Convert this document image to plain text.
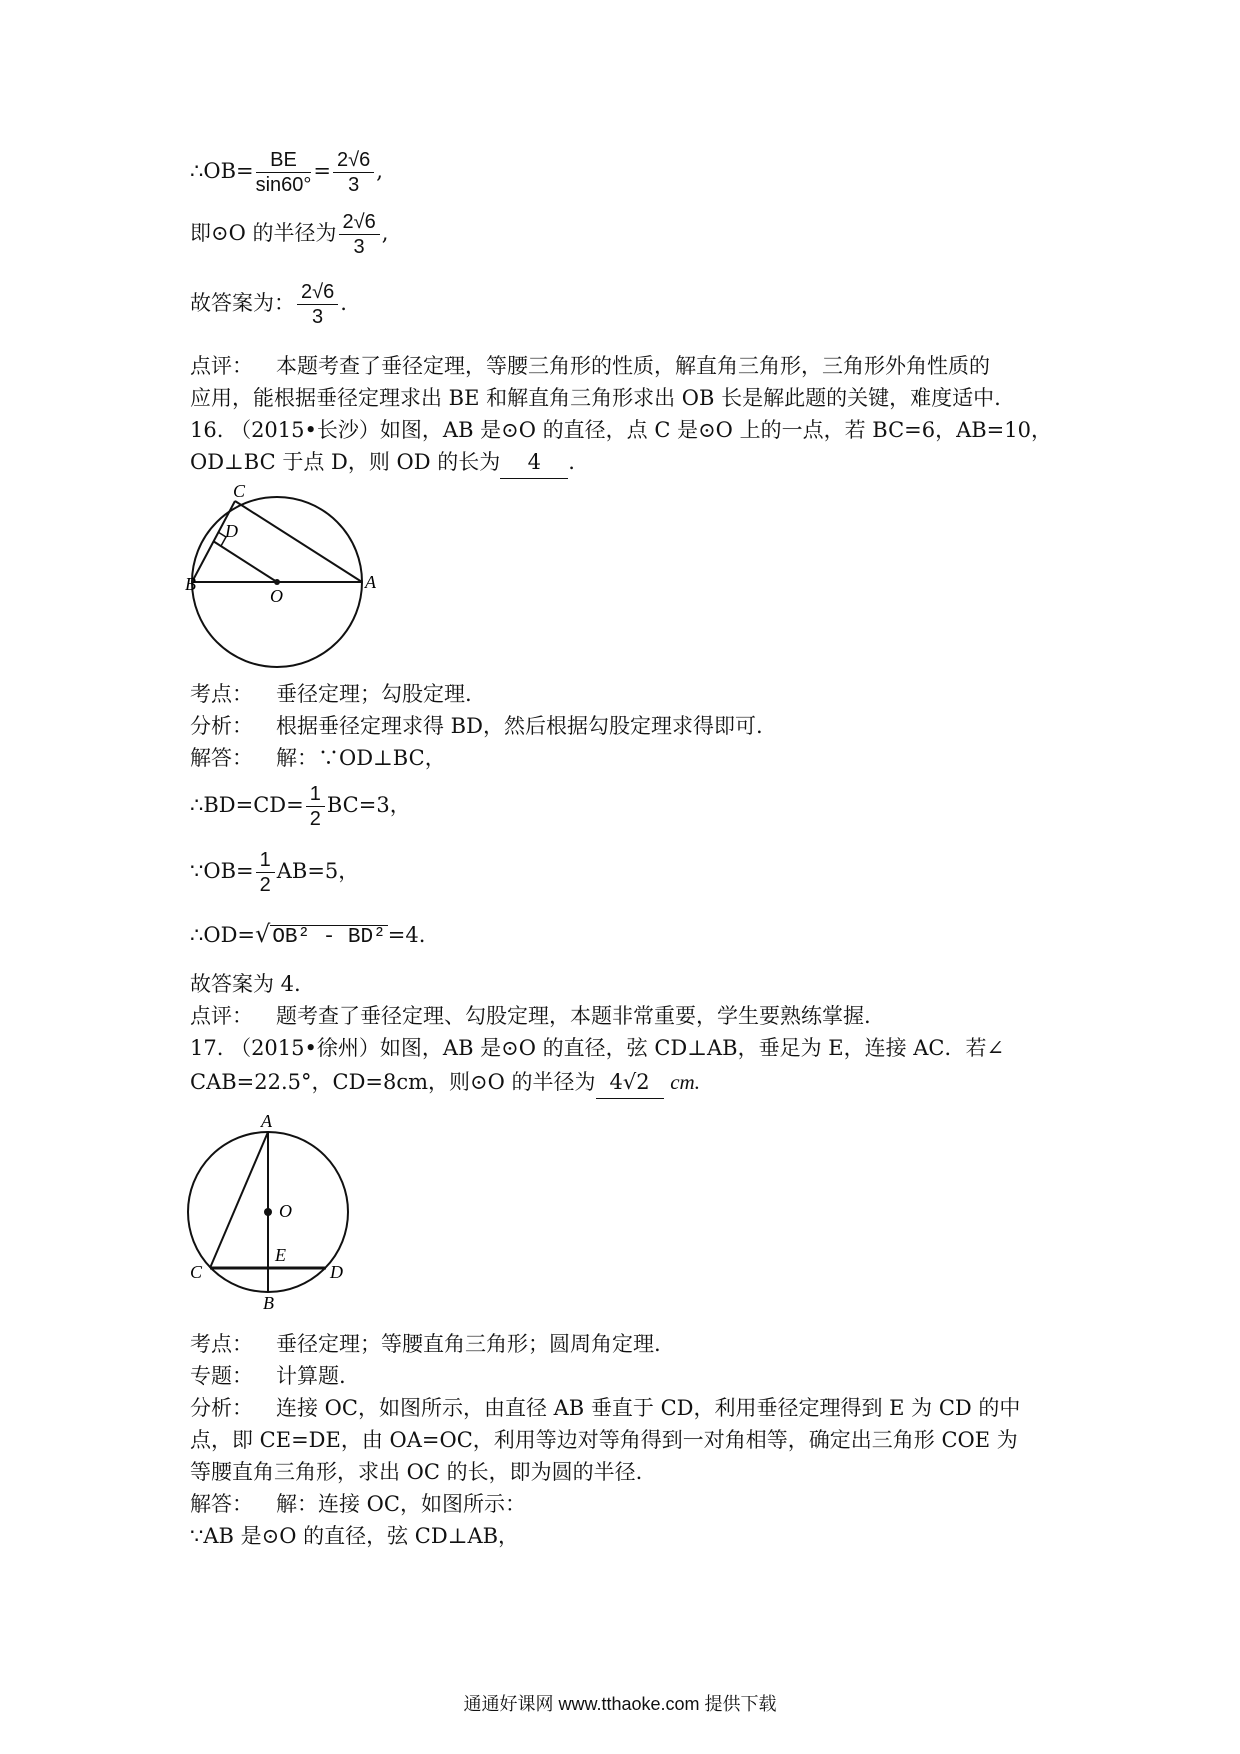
∴OB= $\frac{BE}{\sin 60^\circ} = \frac{2√6}{3}$ ,
即⊙O 的半径为 $\frac{2√6}{3}$ ,
故答案为： $\frac{2√6}{3}$ .
点评： 本题考查了垂径定理，等腰三角形的性质，解直角三角形，三角形外角性质的
应用，能根据垂径定理求出 BE 和解直角三角形求出 OB 长是解此题的关键，难度适中.
16. （2015•长沙）如图，AB 是⊙O 的直径，点 C 是⊙O 上的一点，若 BC=6，AB=10，
OD⊥BC 于点 D，则 OD 的长为 4 .
C
D
B
O
A
考点： 垂径定理；勾股定理.
分析： 根据垂径定理求得 BD，然后根据勾股定理求得即可.
解答： 解：∵OD⊥BC，
∴BD=CD= $\frac{1}{2} BC=3$，
∵OB= $\frac{1}{2} AB=5$，
∴OD=√OB² - BD²=4.
故答案为 4.
点评： 题考查了垂径定理、勾股定理，本题非常重要，学生要熟练掌握.
17. （2015•徐州）如图，AB 是⊙O 的直径，弦 CD⊥AB，垂足为 E，连接 AC．若∠
CAB=22.5°，CD=8cm，则⊙O 的半径为 4√2 cm.
A
O
E
C	D
B
考点： 垂径定理；等腰直角三角形；圆周角定理.
专题： 计算题.
分析： 连接 OC，如图所示，由直径 AB 垂直于 CD，利用垂径定理得到 E 为 CD 的中
点，即 CE=DE，由 OA=OC，利用等边对等角得到一对角相等，确定出三角形 COE 为
等腰直角三角形，求出 OC 的长，即为圆的半径.
解答： 解：连接 OC，如图所示：
∵AB 是⊙O 的直径，弦 CD⊥AB，
通通好课网 www.tthaoke.com 提供下载
